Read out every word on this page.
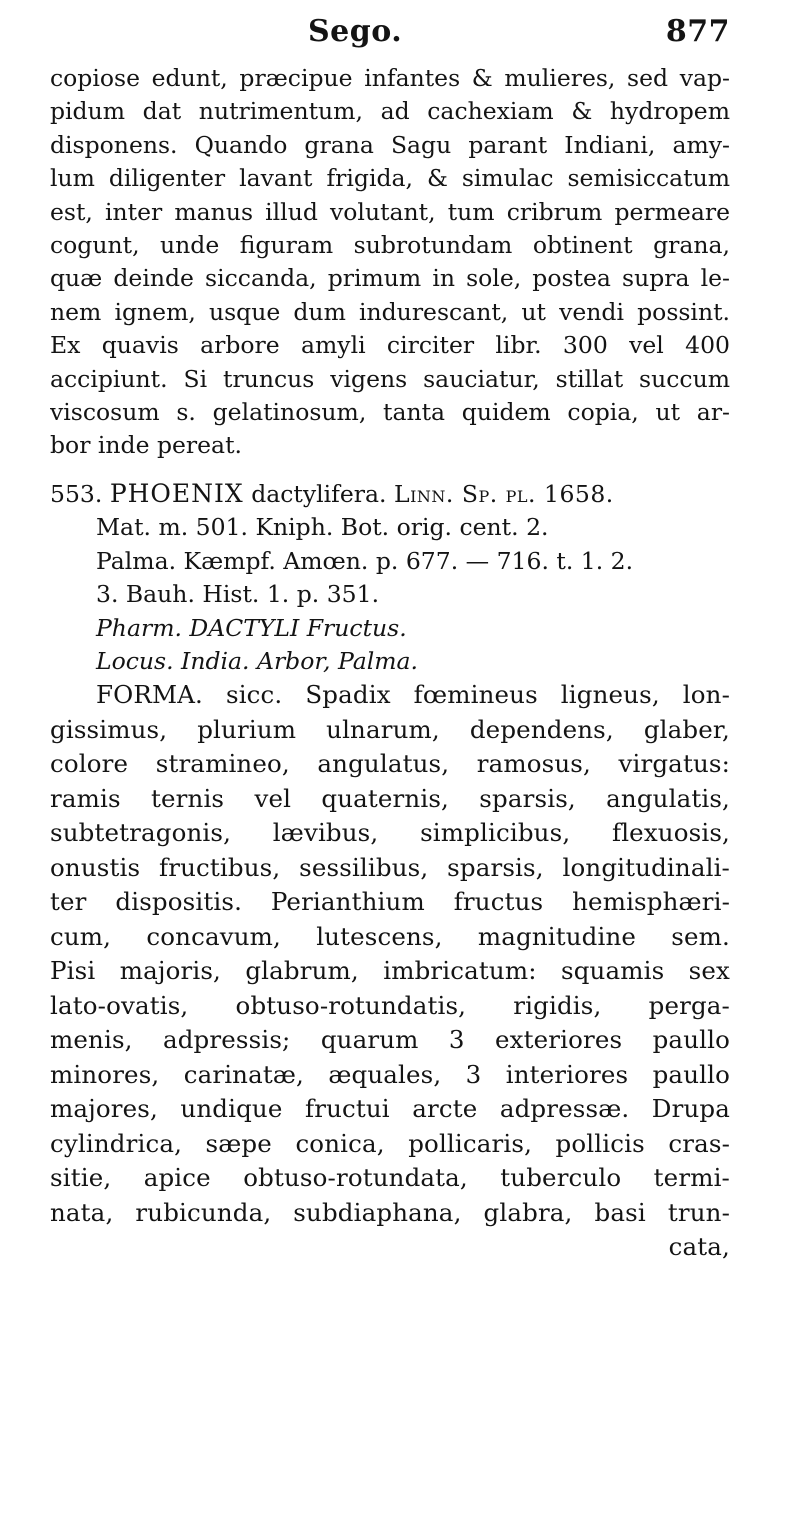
Sego.	877
copiose edunt, præcipue infantes & mulieres, sed vap-
pidum dat nutrimentum, ad cachexiam & hydropem
disponens. Quando grana Sagu parant Indiani, amy-
lum diligenter lavant frigida, & simulac semisiccatum
est, inter manus illud volutant, tum cribrum permeare
cogunt, unde figuram subrotundam obtinent grana,
quæ deinde siccanda, primum in sole, postea supra le-
nem ignem, usque dum indurescant, ut vendi possint.
Ex quavis arbore amyli circiter libr. 300 vel 400
accipiunt. Si truncus vigens sauciatur, stillat succum
viscosum s. gelatinosum, tanta quidem copia, ut ar-
bor inde pereat.
553. PHOENIX dactylifera. Linn. Sp. pl. 1658.
Mat. m. 501. Kniph. Bot. orig. cent. 2.
Palma. Kæmpf. Amœn. p. 677. — 716. t. 1. 2.
3. Bauh. Hist. 1. p. 351.
Pharm. DACTYLI Fructus.
Locus. India. Arbor, Palma.
FORMA. sicc. Spadix fœmineus ligneus, lon-
gissimus, plurium ulnarum, dependens, glaber,
colore stramineo, angulatus, ramosus, virgatus:
ramis ternis vel quaternis, sparsis, angulatis,
subtetragonis, lævibus, simplicibus, flexuosis,
onustis fructibus, sessilibus, sparsis, longitudinali-
ter dispositis. Perianthium fructus hemisphæri-
cum, concavum, lutescens, magnitudine sem.
Pisi majoris, glabrum, imbricatum: squamis sex
lato-ovatis, obtuso-rotundatis, rigidis, perga-
menis, adpressis; quarum 3 exteriores paullo
minores, carinatæ, æquales, 3 interiores paullo
majores, undique fructui arcte adpressæ. Drupa
cylindrica, sæpe conica, pollicaris, pollicis cras-
sitie, apice obtuso-rotundata, tuberculo termi-
nata, rubicunda, subdiaphana, glabra, basi trun-
cata,
